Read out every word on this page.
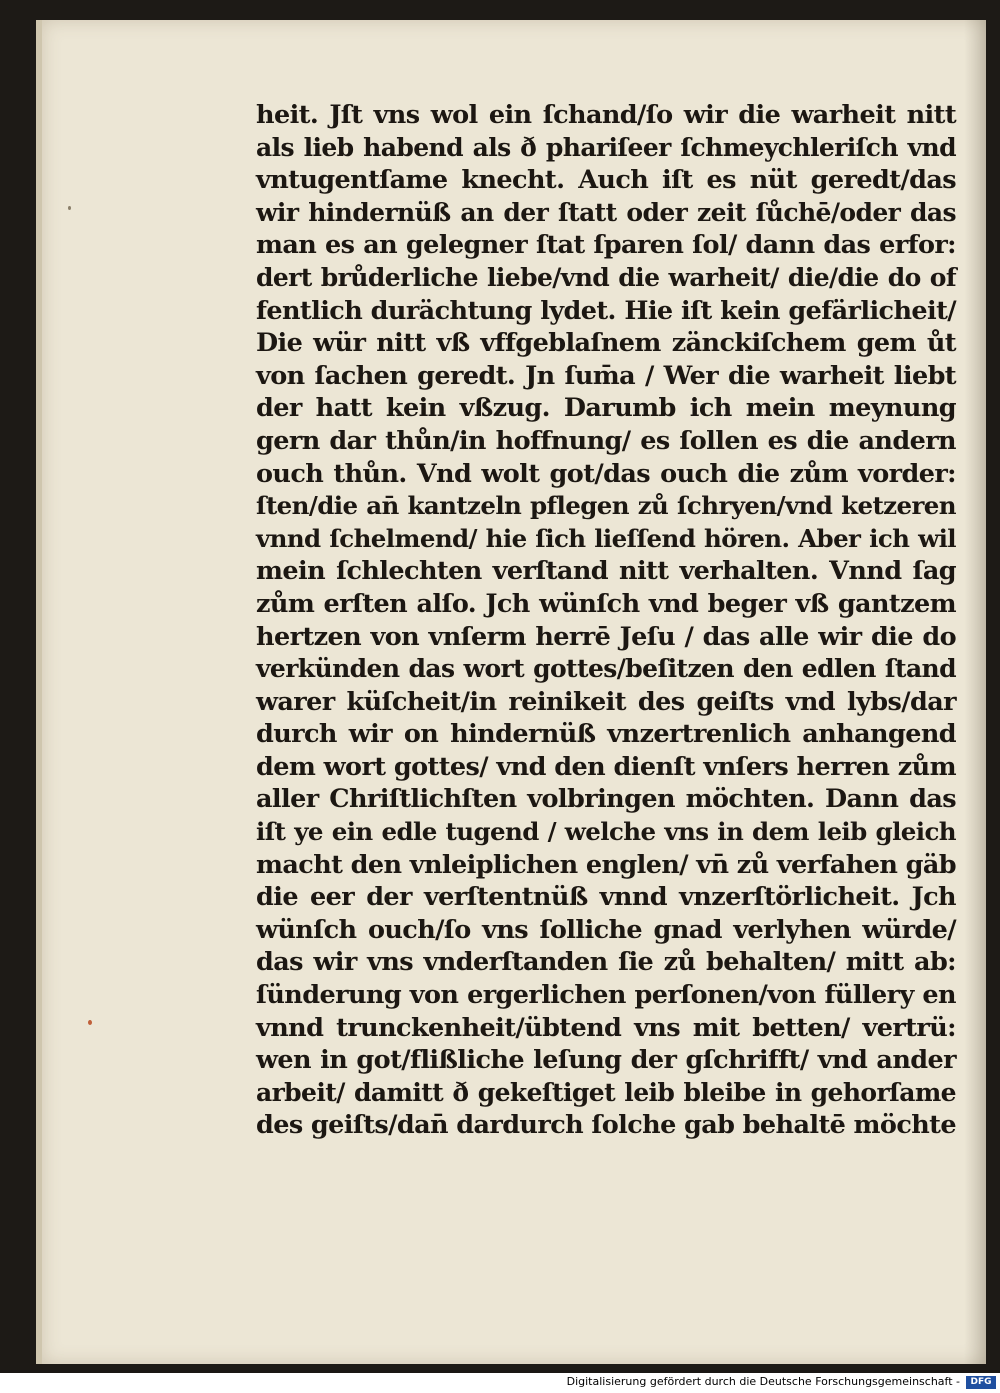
heit. Jſt vns wol ein ſchand/ſo wir die warheit nitt
als lieb habend als ð phariſeer ſchmeychleriſch vnd
vntugentſame knecht. Auch iſt es nüt geredt/das
wir hindernüß an der ſtatt oder zeit ſůchē/oder das
man es an gelegner ſtat ſparen ſol/ dann das erfor:
dert brůderliche liebe/vnd die warheit/ die/die do of
fentlich durächtung lydet. Hie iſt kein gefärlicheit/
Die wür nitt vß vffgeblaſnem zänckiſchem gem ůt
von ſachen geredt. Jn ſum̄a / Wer die warheit liebt
der hatt kein vßzug. Darumb ich mein meynung
gern dar thůn/in hoffnung/ es ſollen es die andern
ouch thůn. Vnd wolt got/das ouch die zům vorder:
ſten/die an̄ kantzeln pflegen zů ſchryen/vnd ketzeren
vnnd ſchelmend/ hie ſich lieſſend hören. Aber ich wil
mein ſchlechten verſtand nitt verhalten. Vnnd ſag
zům erſten alſo. Jch wünſch vnd beger vß gantzem
hertzen von vnſerm herrē Jeſu / das alle wir die do
verkünden das wort gottes/beſitzen den edlen ſtand
warer küſcheit/in reinikeit des geiſts vnd lybs/dar
durch wir on hindernüß vnzertrenlich anhangend
dem wort gottes/ vnd den dienſt vnſers herren zům
aller Chriſtlichſten volbringen möchten. Dann das
iſt ye ein edle tugend / welche vns in dem leib gleich
macht den vnleiplichen englen/ vn̄ zů verfahen gäb
die eer der verſtentnüß vnnd vnzerſtörlicheit. Jch
wünſch ouch/ſo vns ſolliche gnad verlyhen würde/
das wir vns vnderſtanden ſie zů behalten/ mitt ab:
ſünderung von ergerlichen perſonen/von füllery en
vnnd trunckenheit/übtend vns mit betten/ vertrü:
wen in got/flißliche leſung der gſchrifft/ vnd ander
arbeit/ damitt ð gekeſtiget leib bleibe in gehorſame
des geiſts/dan̄ dardurch ſolche gab behaltē möchte
Digitalisierung gefördert durch die Deutsche Forschungsgemeinschaft -	DFG
